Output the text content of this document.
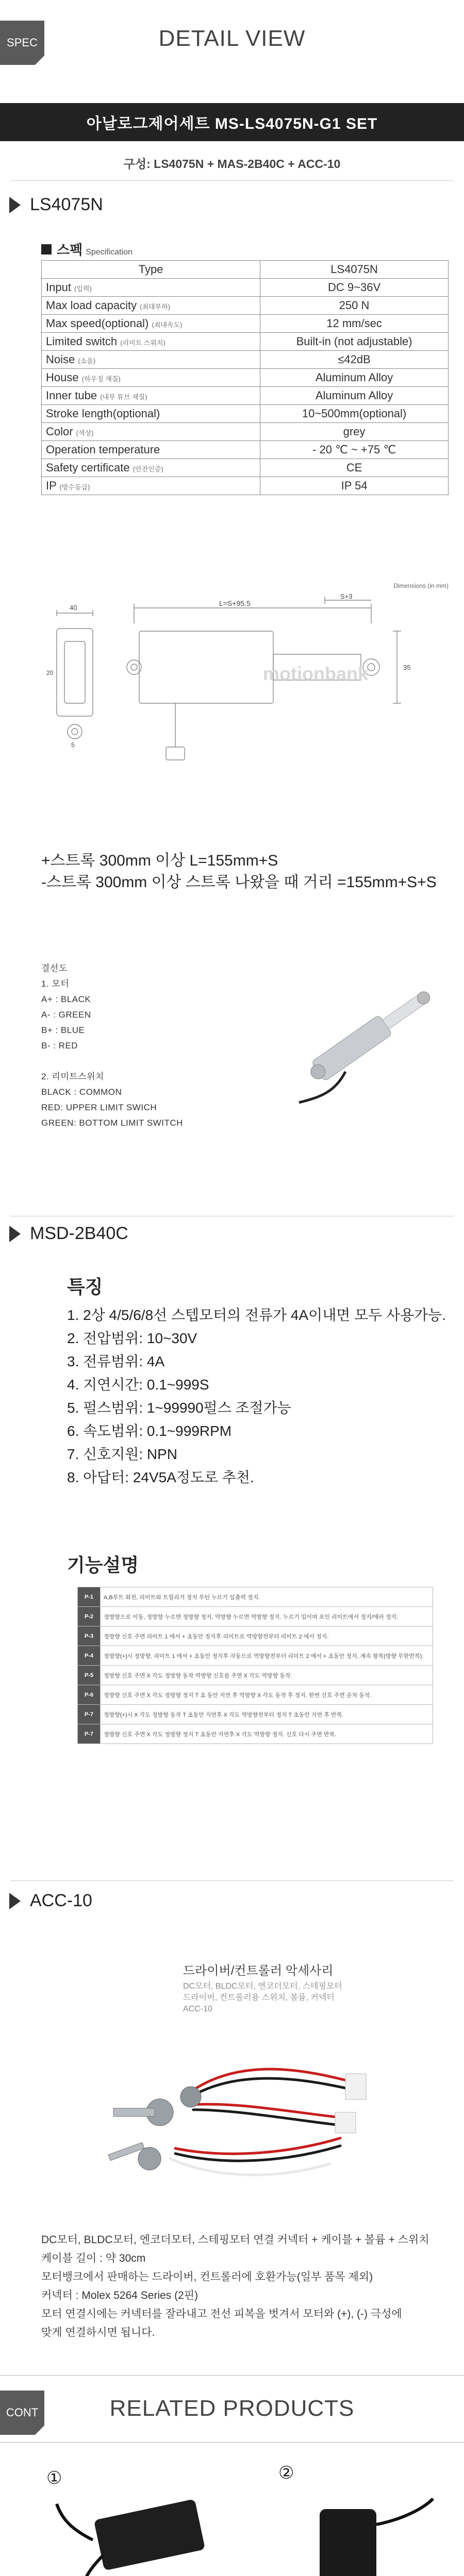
SPEC	DETAIL VIEW
아날로그제어세트 MS-LS4075N-G1 SET
구성: LS4075N + MAS-2B40C + ACC-10
LS4075N
스펙 Specification
Type	LS4075N
Input (입력)	DC 9~36V
Max load capacity (최대부하)	250 N
Max speed(optional) (최대속도)	12 mm/sec
Limited switch (리미트 스위치)	Built-in (not adjustable)
Noise (소음)	≤42dB
House (하우징 재질)	Aluminum Alloy
Inner tube (내부 튜브 재질)	Aluminum Alloy
Stroke length(optional)	10~500mm(optional)
Color (색상)	grey
Operation temperature	- 20 ℃ ~ +75 ℃
Safety certificate (안전인증)	CE
IP (방수등급)	IP 54
Dimensions (in mm)
L=S+95.5
S+3
40
35
5
20	motionbank
+스트록 300mm 이상 L=155mm+S
-스트록 300mm 이상 스트록 나왔을 때 거리 =155mm+S+S
결선도
1. 모터
A+ : BLACK
A- : GREEN
B+ : BLUE
B- : RED
2. 리미트스위치
BLACK : COMMON
RED: UPPER LIMIT SWICH
GREEN: BOTTOM LIMIT SWITCH
MSD-2B40C
특징
1. 2상 4/5/6/8선 스텝모터의 전류가 4A이내면 모두 사용가능.
2. 전압범위: 10~30V
3. 전류범위: 4A
4. 지연시간: 0.1~999S
5. 펄스범위: 1~99990펄스 조절가능
6. 속도범위: 0.1~999RPM
7. 신호지원: NPN
8. 아답터: 24V5A정도로 추천.
기능설명
P-1	A,B루트 회전, 리미트와 트릴리거 정지 루틴 누르기 입출력 정지.
P-2	정방향으로 이동, 정방향 누르면 정방향 정지, 역방향 누르면 역방향 정지. 누르기 입이며 포인 리미트에서 정지/에러 정지.
P-3	정방향 신호 주면 리미트 1 에서 + 초동안 정지후 리미트로 역방향전부터 리미트 2 에서 정지.
P-4	정방향(+)시 정방향, 리미트 1 에서 + 초동안 정지후 자동으로 역방향전부터 리미트 2 에서 + 초동안 정지, 계속 왕복(방향 무한반복).
P-5	정방향 신호 주면 X 각도 정방향 동작 역방향 신호를 주면 X 각도 역방향 동작.
P-6	정방향 신호 주면 X 각도 정방향 정지 T 초 동안 지연 후 역방향 X 각도 동작 후 정지. 한번 신호 주면 순차 동작.
P-7	정방향(+)시 X 각도 정방향 동작 T 초동안 지연후 X 각도 역방향전부터 정지 T 초동안 지연 후 반복.
P-7	정방향 신호 주면 X 각도 정방향 정지 T 초동안 지연후 X 각도 역방향 정지. 신호 다시 주면 반복.
ACC-10
드라이버/컨트롤러 악세사리
DC모터, BLDC모터, 엔코더모터, 스테핑모터
드라이버, 컨트롤러용 스위치, 볼륨, 커넥터
ACC-10
DC모터, BLDC모터, 엔코더모터, 스테핑모터 연결 커넥터 + 케이블 + 볼륨 + 스위치
케이블 길이 : 약 30cm
모터뱅크에서 판매하는 드라이버, 컨트롤러에 호환가능(일부 품목 제외)
커넥터 : Molex 5264 Series (2핀)
모터 연결시에는 커넥터를 잘라내고 전선 피복을 벗겨서 모터와 (+), (-) 극성에
맞게 연결하시면 됩니다.
CONT	RELATED PRODUCTS
①	②
